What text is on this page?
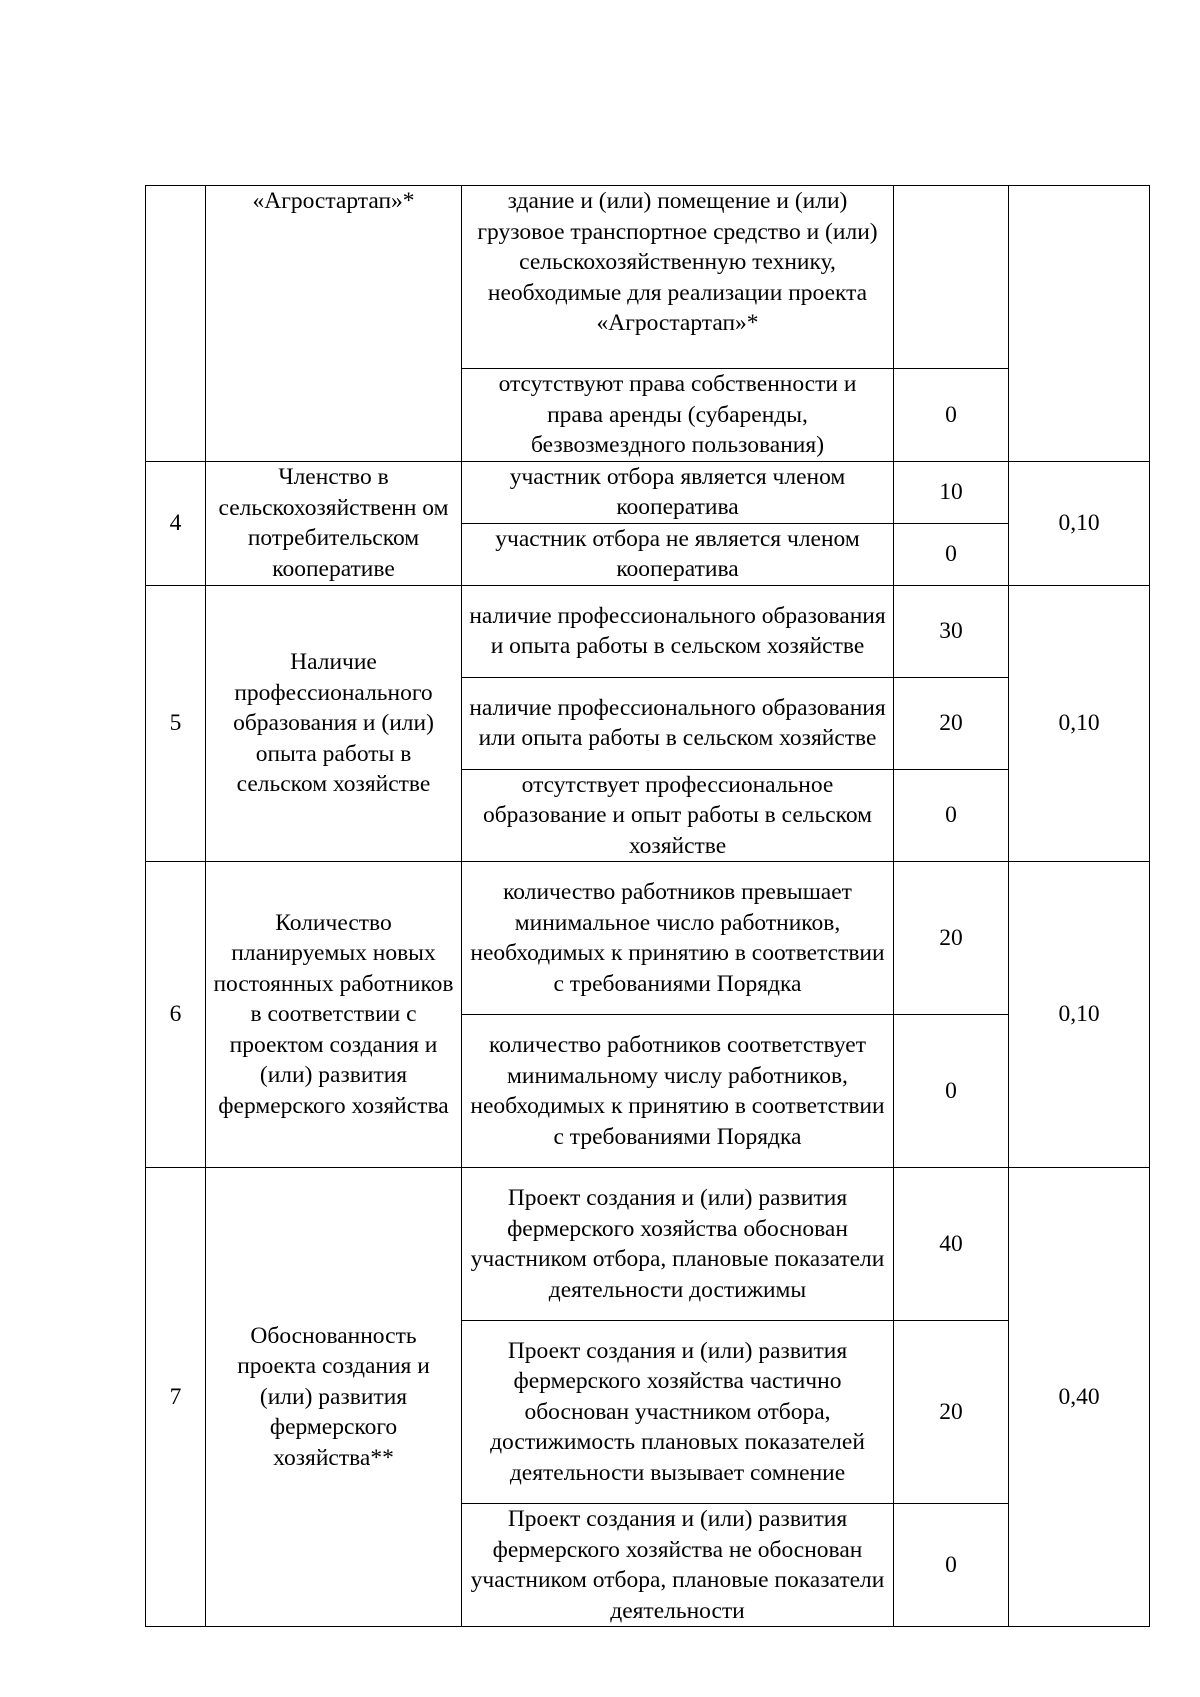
	«Агростартап»*	здание и (или) помещение и (или) грузовое транспортное средство и (или) сельскохозяйственную технику, необходимые для реализации проекта «Агростартап»*		
		отсутствуют права собственности и права аренды (субаренды, безвозмездного пользования)	0	
4	Членство в сельскохозяйственн ом потребительском кооперативе	участник отбора является членом кооператива	10	0,10
		участник отбора не является членом кооператива	0	
5	Наличие профессионального образования и (или) опыта работы в сельском хозяйстве	наличие профессионального образования и опыта работы в сельском хозяйстве	30	0,10
		наличие профессионального образования или опыта работы в сельском хозяйстве	20	
		отсутствует профессиональное образование и опыт работы в сельском хозяйстве	0	
6	Количество планируемых новых постоянных работников в соответствии с проектом создания и (или) развития фермерского хозяйства	количество работников превышает минимальное число работников, необходимых к принятию в соответствии с требованиями Порядка	20	0,10
		количество работников соответствует минимальному числу работников, необходимых к принятию в соответствии с требованиями Порядка	0	
7	Обоснованность проекта создания и (или) развития фермерского хозяйства**	Проект создания и (или) развития фермерского хозяйства обоснован участником отбора, плановые показатели деятельности достижимы	40	0,40
		Проект создания и (или) развития фермерского хозяйства частично обоснован участником отбора, достижимость плановых показателей деятельности вызывает сомнение	20	
		Проект создания и (или) развития фермерского хозяйства не обоснован участником отбора, плановые показатели деятельности	0	
